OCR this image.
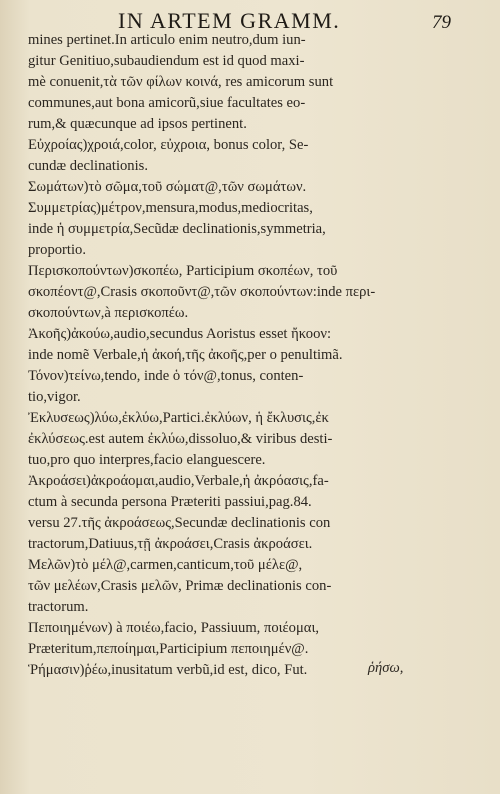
IN ARTEM GRAMM.	79
mines pertinet.In articulo enim neutro,dum iun-
gitur Genitiuo,subaudiendum est id quod maxi-
mè conuenit,τὰ τῶν φίλων κοινά, res amicorum sunt
communes,aut bona amicorũ,siue facultates eo-
rum,& quæcunque ad ipsos pertinent.
Εὐχροίας)χροιά,color, εὐχροια, bonus color, Se-
cundæ declinationis.
Σωμάτων)τὸ σῶμα,τοῦ σώματ@,τῶν σωμάτων.
Συμμετρίας)μέτρον,mensura,modus,mediocritas,
inde ἡ συμμετρία,Secũdæ declinationis,symmetria,
proportio.
Περισκοπούντων)σκοπέω, Participium σκοπέων, τοῦ
σκοπέοντ@,Crasis σκοποῦντ@,τῶν σκοπούντων:inde περι-
σκοπούντων,à περισκοπέω.
Ἀκοῆς)ἀκούω,audio,secundus Aoristus esset ἤκοον:
inde nomẽ Verbale,ἡ ἀκοή,τῆς ἀκοῆς,per o penultimã.
Τόνον)τείνω,tendo, inde ὁ τόν@,tonus, conten-
tio,vigor.
Ἐκλυσεως)λύω,ἐκλύω,Partici.ἐκλύων, ἡ ἔκλυσις,ἐκ
ἐκλύσεως.est autem ἐκλύω,dissoluo,& viribus desti-
tuo,pro quo interpres,facio elanguescere.
Ἀκροάσει)ἀκροάομαι,audio,Verbale,ἡ ἀκρόασις,fa-
ctum à secunda persona Præteriti passiui,pag.84.
versu 27.τῆς ἀκροάσεως,Secundæ declinationis con
tractorum,Datiuus,τῇ ἀκροάσει,Crasis ἀκροάσει.
Μελῶν)τὸ μέλ@,carmen,canticum,τοῦ μέλε@,
τῶν μελέων,Crasis μελῶν, Primæ declinationis con-
tractorum.
Πεποιημένων) à ποιέω,facio, Passiuum, ποιέομαι,
Præteritum,πεποίημαι,Participium πεποιημέν@.
Ῥήμασιν)ῥέω,inusitatum verbũ,id est, dico, Fut.	ῥήσω,
